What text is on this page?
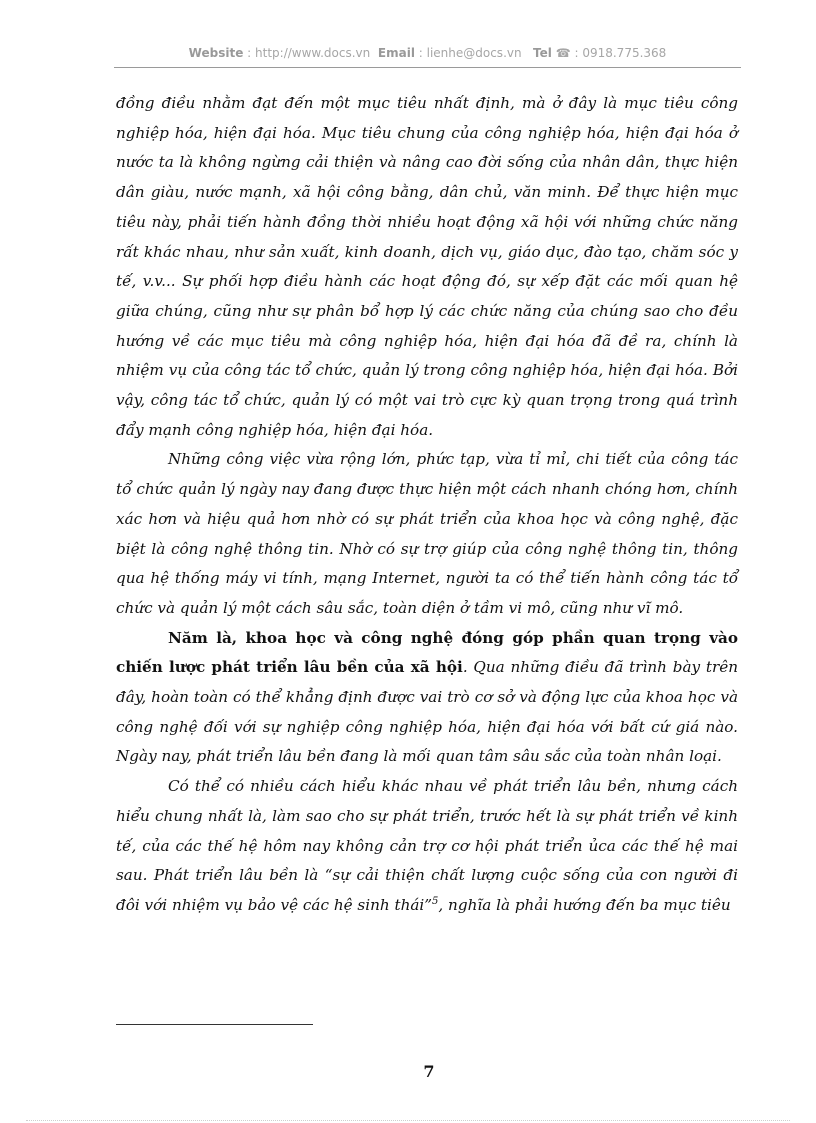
Website : http://www.docs.vn Email : lienhe@docs.vn Tel ☎ : 0918.775.368

đồng điều nhằm đạt đến một mục tiêu nhất định, mà ở đây là mục tiêu công nghiệp hóa, hiện đại hóa. Mục tiêu chung của công nghiệp hóa, hiện đại hóa ở nước ta là không ngừng cải thiện và nâng cao đời sống của nhân dân, thực hiện dân giàu, nước mạnh, xã hội công bằng, dân chủ, văn minh. Để thực hiện mục tiêu này, phải tiến hành đồng thời nhiều hoạt động xã hội với những chức năng rất khác nhau, như sản xuất, kinh doanh, dịch vụ, giáo dục, đào tạo, chăm sóc y tế, v.v... Sự phối hợp điều hành các hoạt động đó, sự xếp đặt các mối quan hệ giữa chúng, cũng như sự phân bổ hợp lý các chức năng của chúng sao cho đều hướng về các mục tiêu mà công nghiệp hóa, hiện đại hóa đã đề ra, chính là nhiệm vụ của công tác tổ chức, quản lý trong công nghiệp hóa, hiện đại hóa. Bởi vậy, công tác tổ chức, quản lý có một vai trò cực kỳ quan trọng trong quá trình đẩy mạnh công nghiệp hóa, hiện đại hóa.

Những công việc vừa rộng lớn, phức tạp, vừa tỉ mỉ, chi tiết của công tác tổ chức quản lý ngày nay đang được thực hiện một cách nhanh chóng hơn, chính xác hơn và hiệu quả hơn nhờ có sự phát triển của khoa học và công nghệ, đặc biệt là công nghệ thông tin. Nhờ có sự trợ giúp của công nghệ thông tin, thông qua hệ thống máy vi tính, mạng Internet, người ta có thể tiến hành công tác tổ chức và quản lý một cách sâu sắc, toàn diện ở tầm vi mô, cũng như vĩ mô.

Năm là, khoa học và công nghệ đóng góp phần quan trọng vào chiến lược phát triển lâu bền của xã hội. Qua những điều đã trình bày trên đây, hoàn toàn có thể khẳng định được vai trò cơ sở và động lực của khoa học và công nghệ đối với sự nghiệp công nghiệp hóa, hiện đại hóa với bất cứ giá nào. Ngày nay, phát triển lâu bền đang là mối quan tâm sâu sắc của toàn nhân loại.

Có thể có nhiều cách hiểu khác nhau về phát triển lâu bền, nhưng cách hiểu chung nhất là, làm sao cho sự phát triển, trước hết là sự phát triển về kinh tế, của các thế hệ hôm nay không cản trợ cơ hội phát triển ủca các thế hệ mai sau. Phát triển lâu bền là “sự cải thiện chất lượng cuộc sống của con người đi đôi với nhiệm vụ bảo vệ các hệ sinh thái”$^5$, nghĩa là phải hướng đến ba mục tiêu

7
